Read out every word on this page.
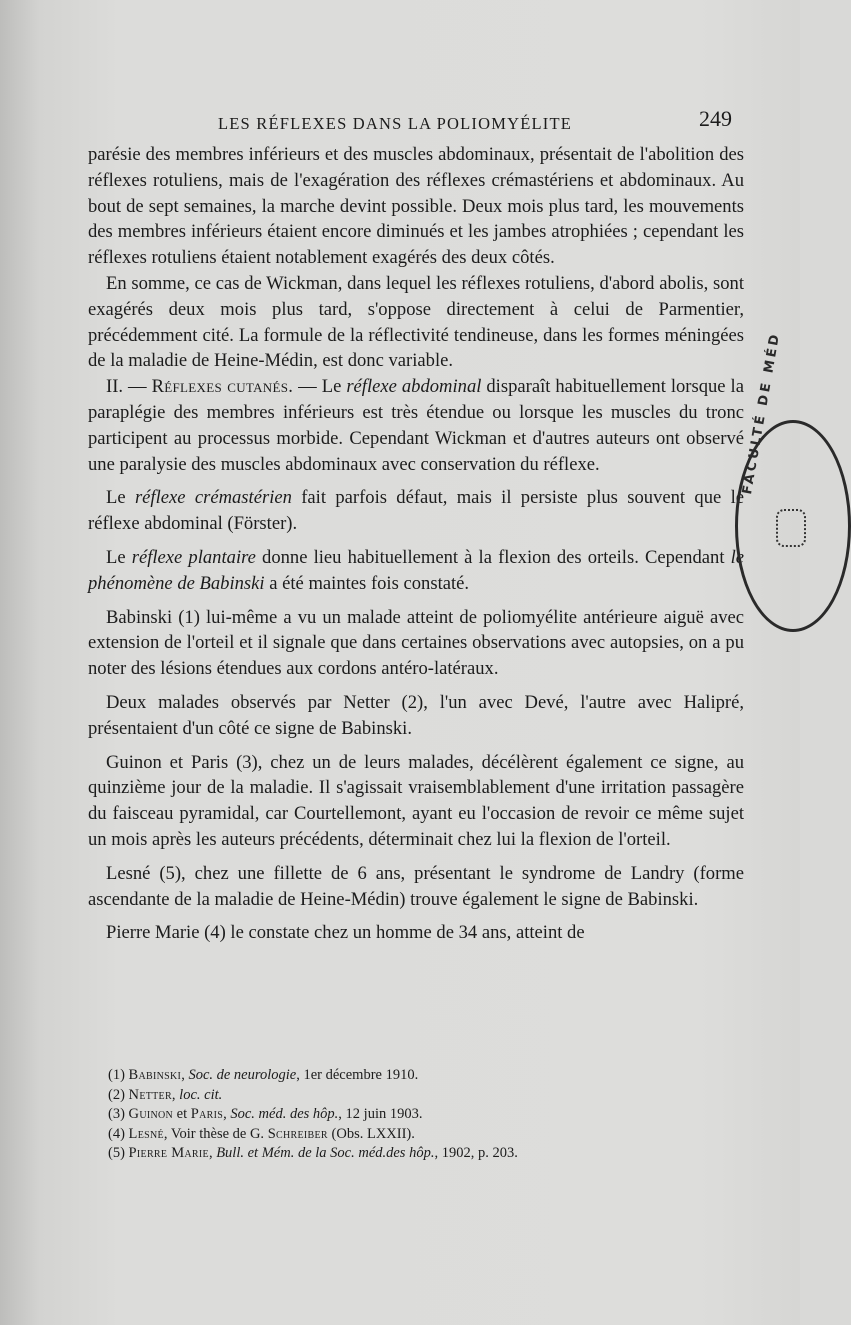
LES RÉFLEXES DANS LA POLIOMYÉLITE	249

parésie des membres inférieurs et des muscles abdominaux, présentait de l'abolition des réflexes rotuliens, mais de l'exagération des réflexes crémastériens et abdominaux. Au bout de sept semaines, la marche devint possible. Deux mois plus tard, les mouvements des membres inférieurs étaient encore diminués et les jambes atrophiées ; cependant les réflexes rotuliens étaient notablement exagérés des deux côtés.

En somme, ce cas de Wickman, dans lequel les réflexes rotuliens, d'abord abolis, sont exagérés deux mois plus tard, s'oppose directement à celui de Parmentier, précédemment cité. La formule de la réflectivité tendineuse, dans les formes méningées de la maladie de Heine-Médin, est donc variable.

II. — Réflexes cutanés. — Le réflexe abdominal disparaît habituellement lorsque la paraplégie des membres inférieurs est très étendue ou lorsque les muscles du tronc participent au processus morbide. Cependant Wickman et d'autres auteurs ont observé une paralysie des muscles abdominaux avec conservation du réflexe.

Le réflexe crémastérien fait parfois défaut, mais il persiste plus souvent que le réflexe abdominal (Förster).

Le réflexe plantaire donne lieu habituellement à la flexion des orteils. Cependant le phénomène de Babinski a été maintes fois constaté.

Babinski (1) lui-même a vu un malade atteint de poliomyélite antérieure aiguë avec extension de l'orteil et il signale que dans certaines observations avec autopsies, on a pu noter des lésions étendues aux cordons antéro-latéraux.

Deux malades observés par Netter (2), l'un avec Devé, l'autre avec Halipré, présentaient d'un côté ce signe de Babinski.

Guinon et Paris (3), chez un de leurs malades, décélèrent également ce signe, au quinzième jour de la maladie. Il s'agissait vraisemblablement d'une irritation passagère du faisceau pyramidal, car Courtellemont, ayant eu l'occasion de revoir ce même sujet un mois après les auteurs précédents, déterminait chez lui la flexion de l'orteil.

Lesné (5), chez une fillette de 6 ans, présentant le syndrome de Landry (forme ascendante de la maladie de Heine-Médin) trouve également le signe de Babinski.

Pierre Marie (4) le constate chez un homme de 34 ans, atteint de

(1) Babinski, Soc. de neurologie, 1er décembre 1910.

(2) Netter, loc. cit.

(3) Guinon et Paris, Soc. méd. des hôp., 12 juin 1903.

(4) Lesné, Voir thèse de G. Schreiber (Obs. LXXII).

(5) Pierre Marie, Bull. et Mém. de la Soc. méd.des hôp., 1902, p. 203.

FACULTÉ DE MÉD
